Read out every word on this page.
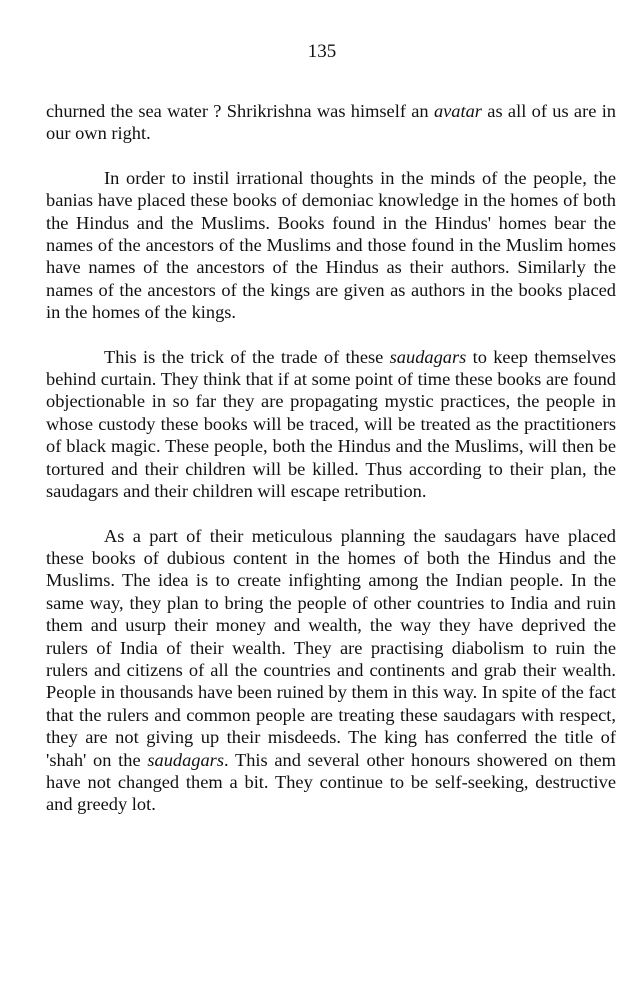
135

churned the sea water ? Shrikrishna was himself an avatar as all of us are in our own right.

In order to instil irrational thoughts in the minds of the people, the banias have placed these books of demoniac knowledge in the homes of both the Hindus and the Muslims. Books found in the Hindus' homes bear the names of the ancestors of the Muslims and those found in the Muslim homes have names of the ancestors of the Hindus as their authors. Similarly the names of the ancestors of the kings are given as authors in the books placed in the homes of the kings.

This is the trick of the trade of these saudagars to keep themselves behind curtain. They think that if at some point of time these books are found objectionable in so far they are propagating mystic practices, the people in whose custody these books will be traced, will be treated as the practitioners of black magic. These people, both the Hindus and the Muslims, will then be tortured and their children will be killed. Thus according to their plan, the saudagars and their children will escape retribution.

As a part of their meticulous planning the saudagars have placed these books of dubious content in the homes of both the Hindus and the Muslims. The idea is to create infighting among the Indian people. In the same way, they plan to bring the people of other countries to India and ruin them and usurp their money and wealth, the way they have deprived the rulers of India of their wealth. They are practising diabolism to ruin the rulers and citizens of all the countries and continents and grab their wealth. People in thousands have been ruined by them in this way. In spite of the fact that the rulers and common people are treating these saudagars with respect, they are not giving up their misdeeds. The king has conferred the title of 'shah' on the saudagars. This and several other honours showered on them have not changed them a bit. They continue to be self-seeking, destructive and greedy lot.
